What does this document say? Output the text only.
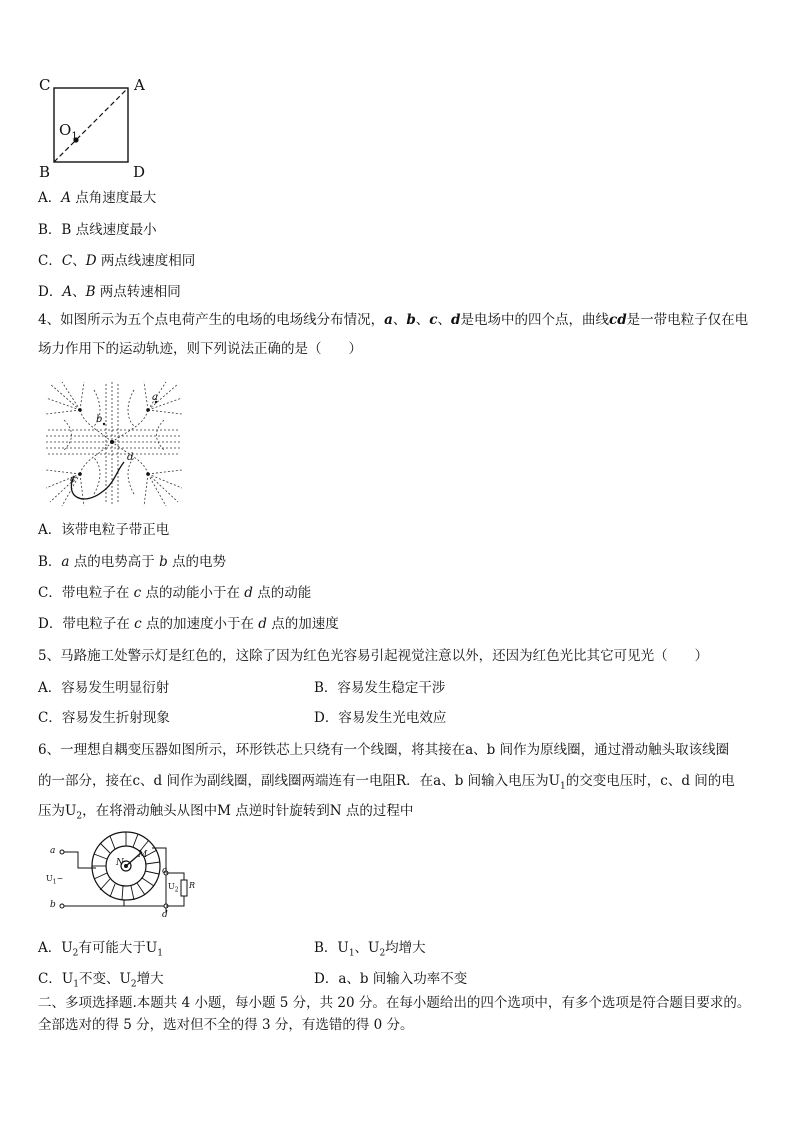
C	A
B	D
$O_1$
A．A 点角速度最大
B．B 点线速度最小
C．C、D 两点线速度相同
D．A、B 两点转速相同
4、如图所示为五个点电荷产生的电场的电场线分布情况，a、b、c、d是电场中的四个点，曲线cd是一带电粒子仅在电场力作用下的运动轨迹，则下列说法正确的是（　　）
a
b
c
d
A．该带电粒子带正电
B．a 点的电势高于 b 点的电势
C．带电粒子在 c 点的动能小于在 d 点的动能
D．带电粒子在 c 点的加速度小于在 d 点的加速度
5、马路施工处警示灯是红色的，这除了因为红色光容易引起视觉注意以外，还因为红色光比其它可见光（　　）
A．容易发生明显衍射	B．容易发生稳定干涉
C．容易发生折射现象	D．容易发生光电效应
6、一理想自耦变压器如图所示，环形铁芯上只绕有一个线圈，将其接在a、b 间作为原线圈，通过滑动触头取该线圈
的一部分，接在c、d 间作为副线圈，副线圈两端连有一电阻R．在a、b 间输入电压为$U_1$的交变电压时，c、d 间的电
压为$U_2$，在将滑动触头从图中M 点逆时针旋转到N 点的过程中
a
b
c
d
M
N
R
$U_1\sim$
$U_2$
A．$U_2$有可能大于$U_1$	B．$U_1$、$U_2$均增大
C．$U_1$不变、$U_2$增大	D．a、b 间输入功率不变
二、多项选择题.本题共 4 小题，每小题 5 分，共 20 分。在每小题给出的四个选项中，有多个选项是符合题目要求的。全部选对的得 5 分，选对但不全的得 3 分，有选错的得 0 分。
